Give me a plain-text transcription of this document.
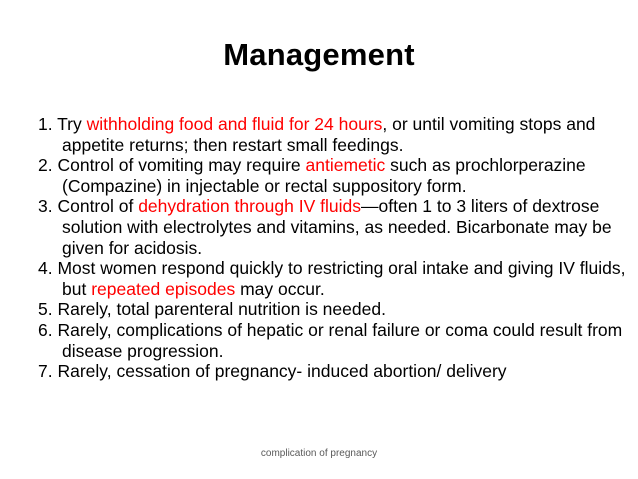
Management
1. Try withholding food and fluid for 24 hours, or until vomiting stops and appetite returns; then restart small feedings.
2. Control of vomiting may require antiemetic such as prochlorperazine (Compazine) in injectable or rectal suppository form.
3. Control of dehydration through IV fluids—often 1 to 3 liters of dextrose solution with electrolytes and vitamins, as needed. Bicarbonate may be given for acidosis.
4. Most women respond quickly to restricting oral intake and giving IV fluids, but repeated episodes may occur.
5. Rarely, total parenteral nutrition is needed.
6. Rarely, complications of hepatic or renal failure or coma could result from disease progression.
7. Rarely, cessation of pregnancy- induced abortion/ delivery
complication of pregnancy
